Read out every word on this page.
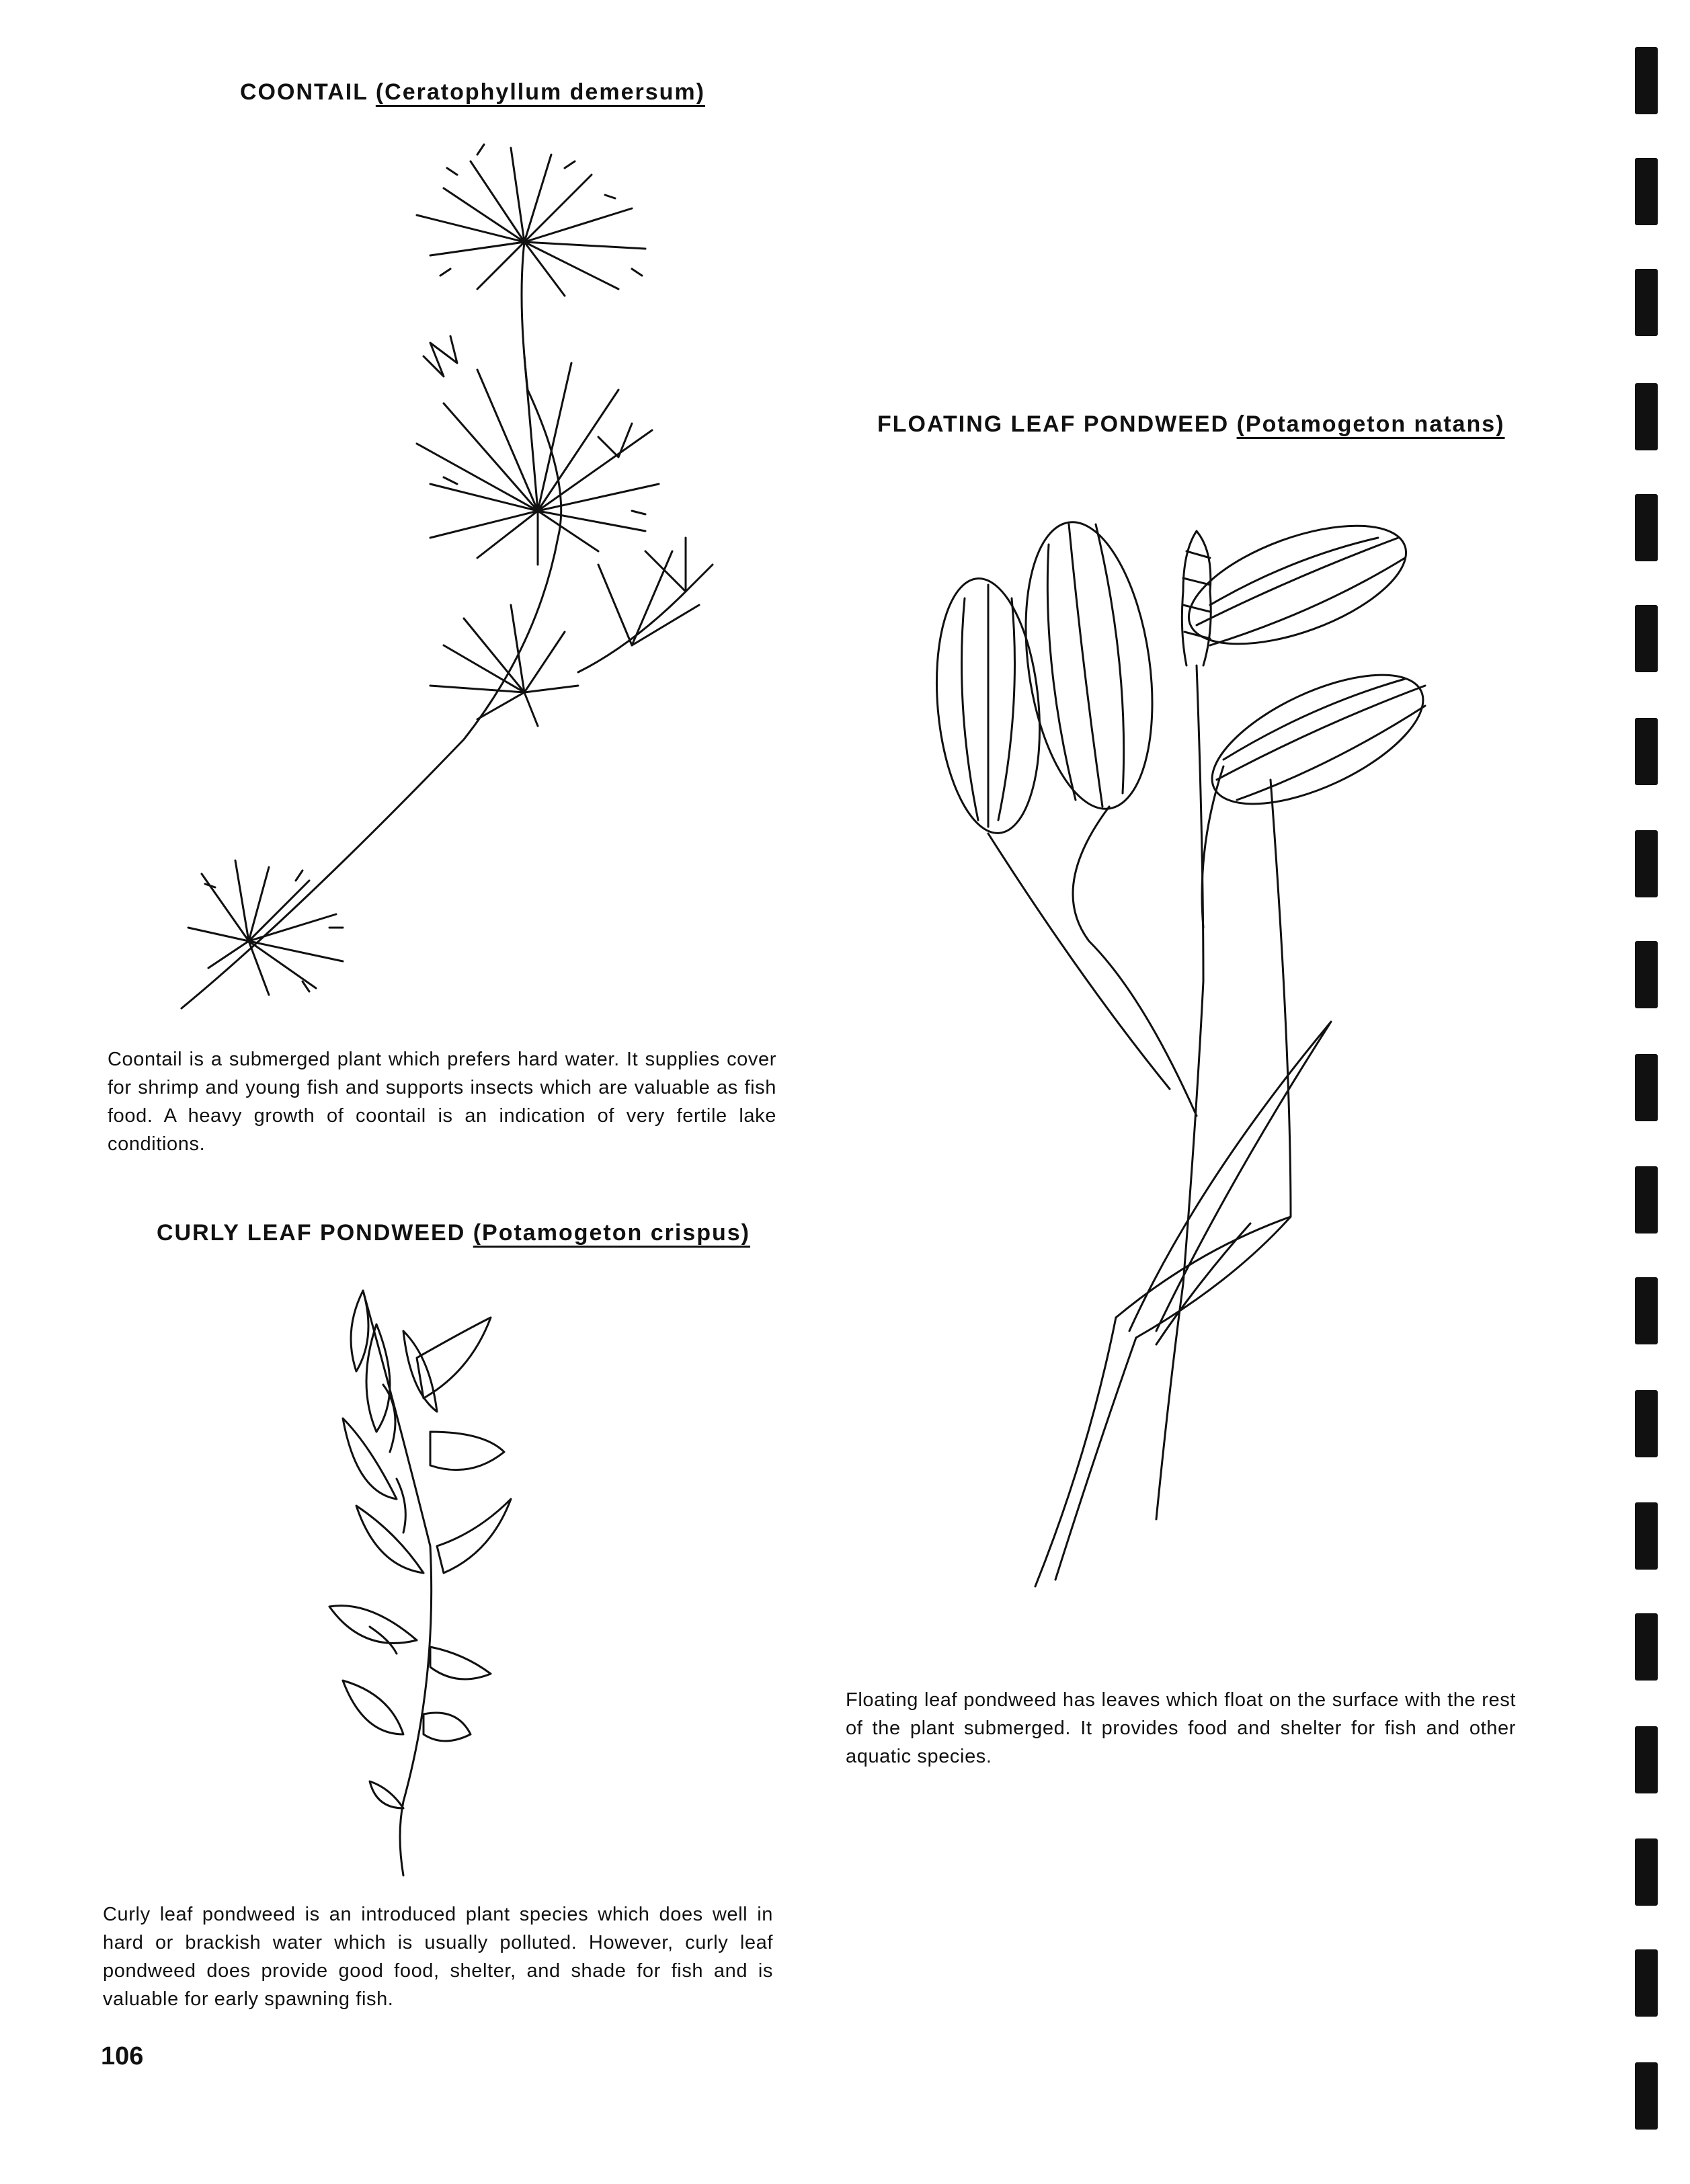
COONTAIL (Ceratophyllum demersum)
Coontail is a submerged plant which prefers hard water. It supplies cover for shrimp and young fish and supports insects which are valuable as fish food. A heavy growth of coontail is an indication of very fertile lake conditions.
FLOATING LEAF PONDWEED (Potamogeton natans)
Floating leaf pondweed has leaves which float on the surface with the rest of the plant submerged. It provides food and shelter for fish and other aquatic species.
CURLY LEAF PONDWEED (Potamogeton crispus)
Curly leaf pondweed is an introduced plant species which does well in hard or brackish water which is usually polluted. However, curly leaf pondweed does provide good food, shelter, and shade for fish and is valuable for early spawning fish.
106
